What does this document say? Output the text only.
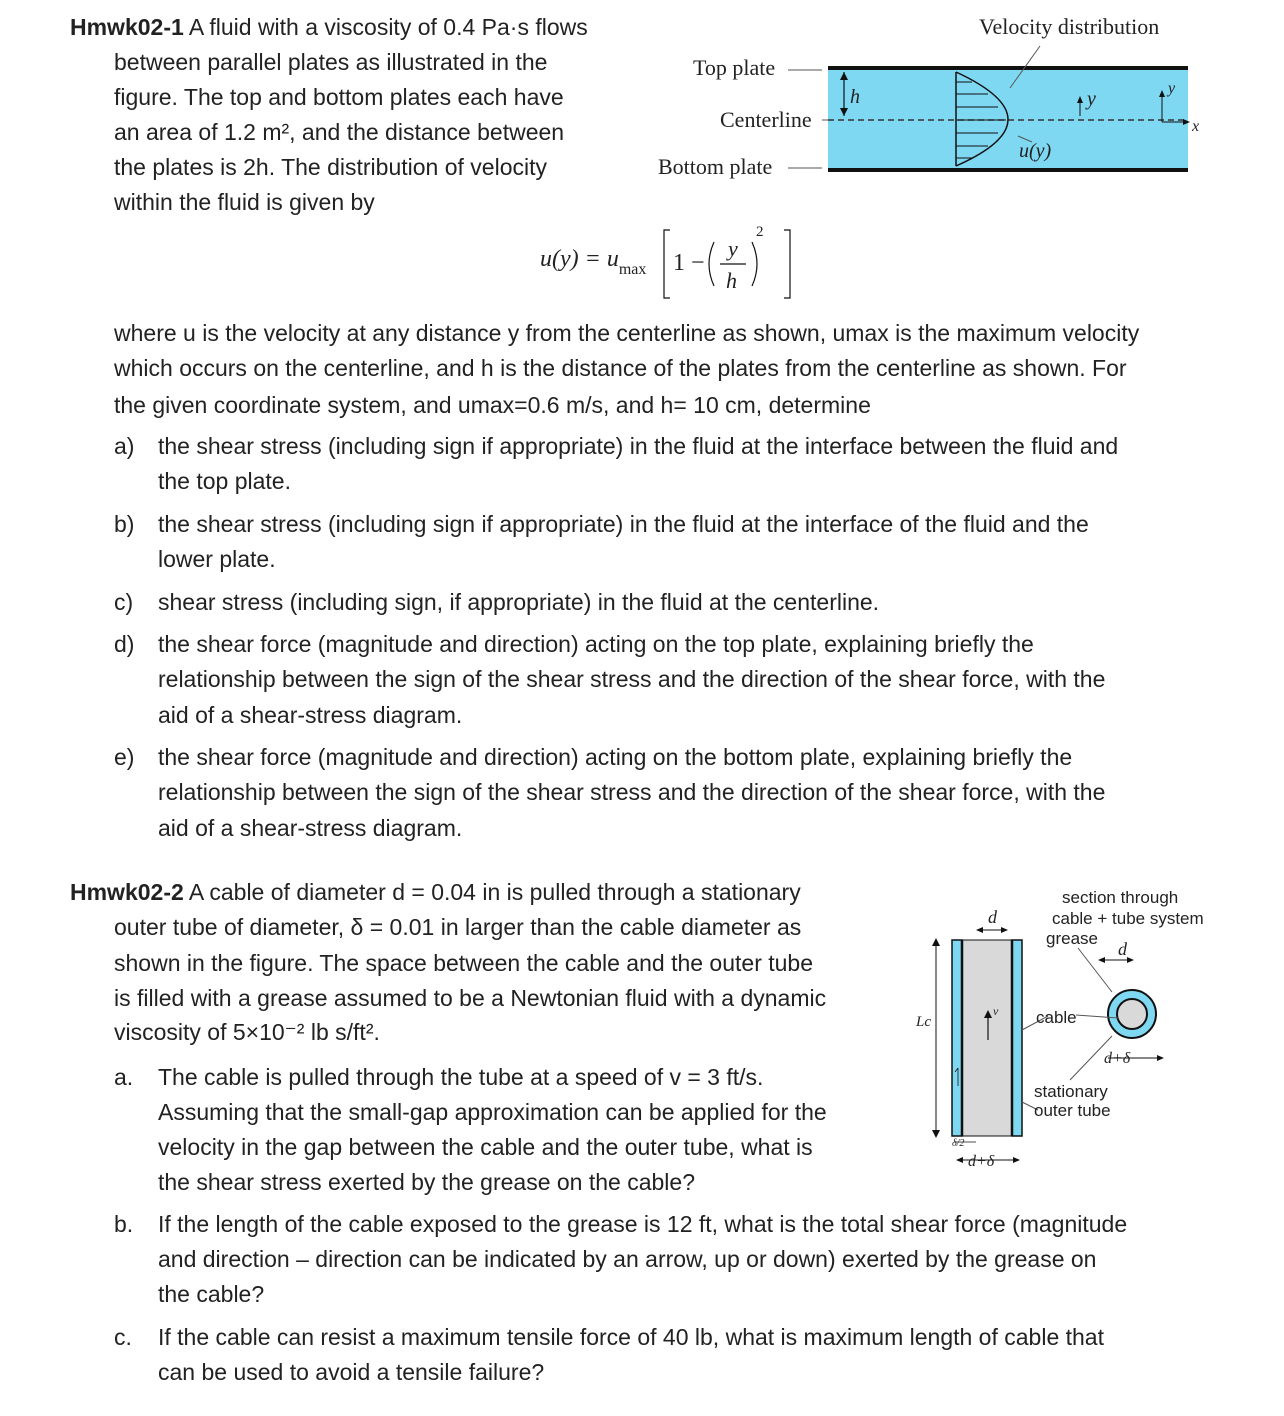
Hmwk02-1 A fluid with a viscosity of 0.4 Pa·s flows
between parallel plates as illustrated in the
figure. The top and bottom plates each have
an area of 1.2 m², and the distance between
the plates is 2h. The distribution of velocity
within the fluid is given by
Velocity distribution
Top plate
Centerline
Bottom plate
h	y
u(y)
x
y
$u(y) = u_{max}$ 1 −
y
h
2
where u is the velocity at any distance y from the centerline as shown, umax is the maximum velocity
which occurs on the centerline, and h is the distance of the plates from the centerline as shown. For
the given coordinate system, and umax=0.6 m/s, and h= 10 cm, determine
a) the shear stress (including sign if appropriate) in the fluid at the interface between the fluid and
the top plate.
b) the shear stress (including sign if appropriate) in the fluid at the interface of the fluid and the
lower plate.
c) shear stress (including sign, if appropriate) in the fluid at the centerline.
d) the shear force (magnitude and direction) acting on the top plate, explaining briefly the
relationship between the sign of the shear stress and the direction of the shear force, with the
aid of a shear-stress diagram.
e) the shear force (magnitude and direction) acting on the bottom plate, explaining briefly the
relationship between the sign of the shear stress and the direction of the shear force, with the
aid of a shear-stress diagram.
Hmwk02-2 A cable of diameter d = 0.04 in is pulled through a stationary
outer tube of diameter, δ = 0.01 in larger than the cable diameter as
shown in the figure. The space between the cable and the outer tube
is filled with a grease assumed to be a Newtonian fluid with a dynamic
viscosity of 5×10⁻² lb s/ft².
section through
cable + tube system
grease
cable
stationary
outer tube
d
d
d+δ
d+δ
Lc
v
δ/2
a. The cable is pulled through the tube at a speed of v = 3 ft/s.
Assuming that the small-gap approximation can be applied for the
velocity in the gap between the cable and the outer tube, what is
the shear stress exerted by the grease on the cable?
b. If the length of the cable exposed to the grease is 12 ft, what is the total shear force (magnitude
and direction – direction can be indicated by an arrow, up or down) exerted by the grease on
the cable?
c. If the cable can resist a maximum tensile force of 40 lb, what is maximum length of cable that
can be used to avoid a tensile failure?
